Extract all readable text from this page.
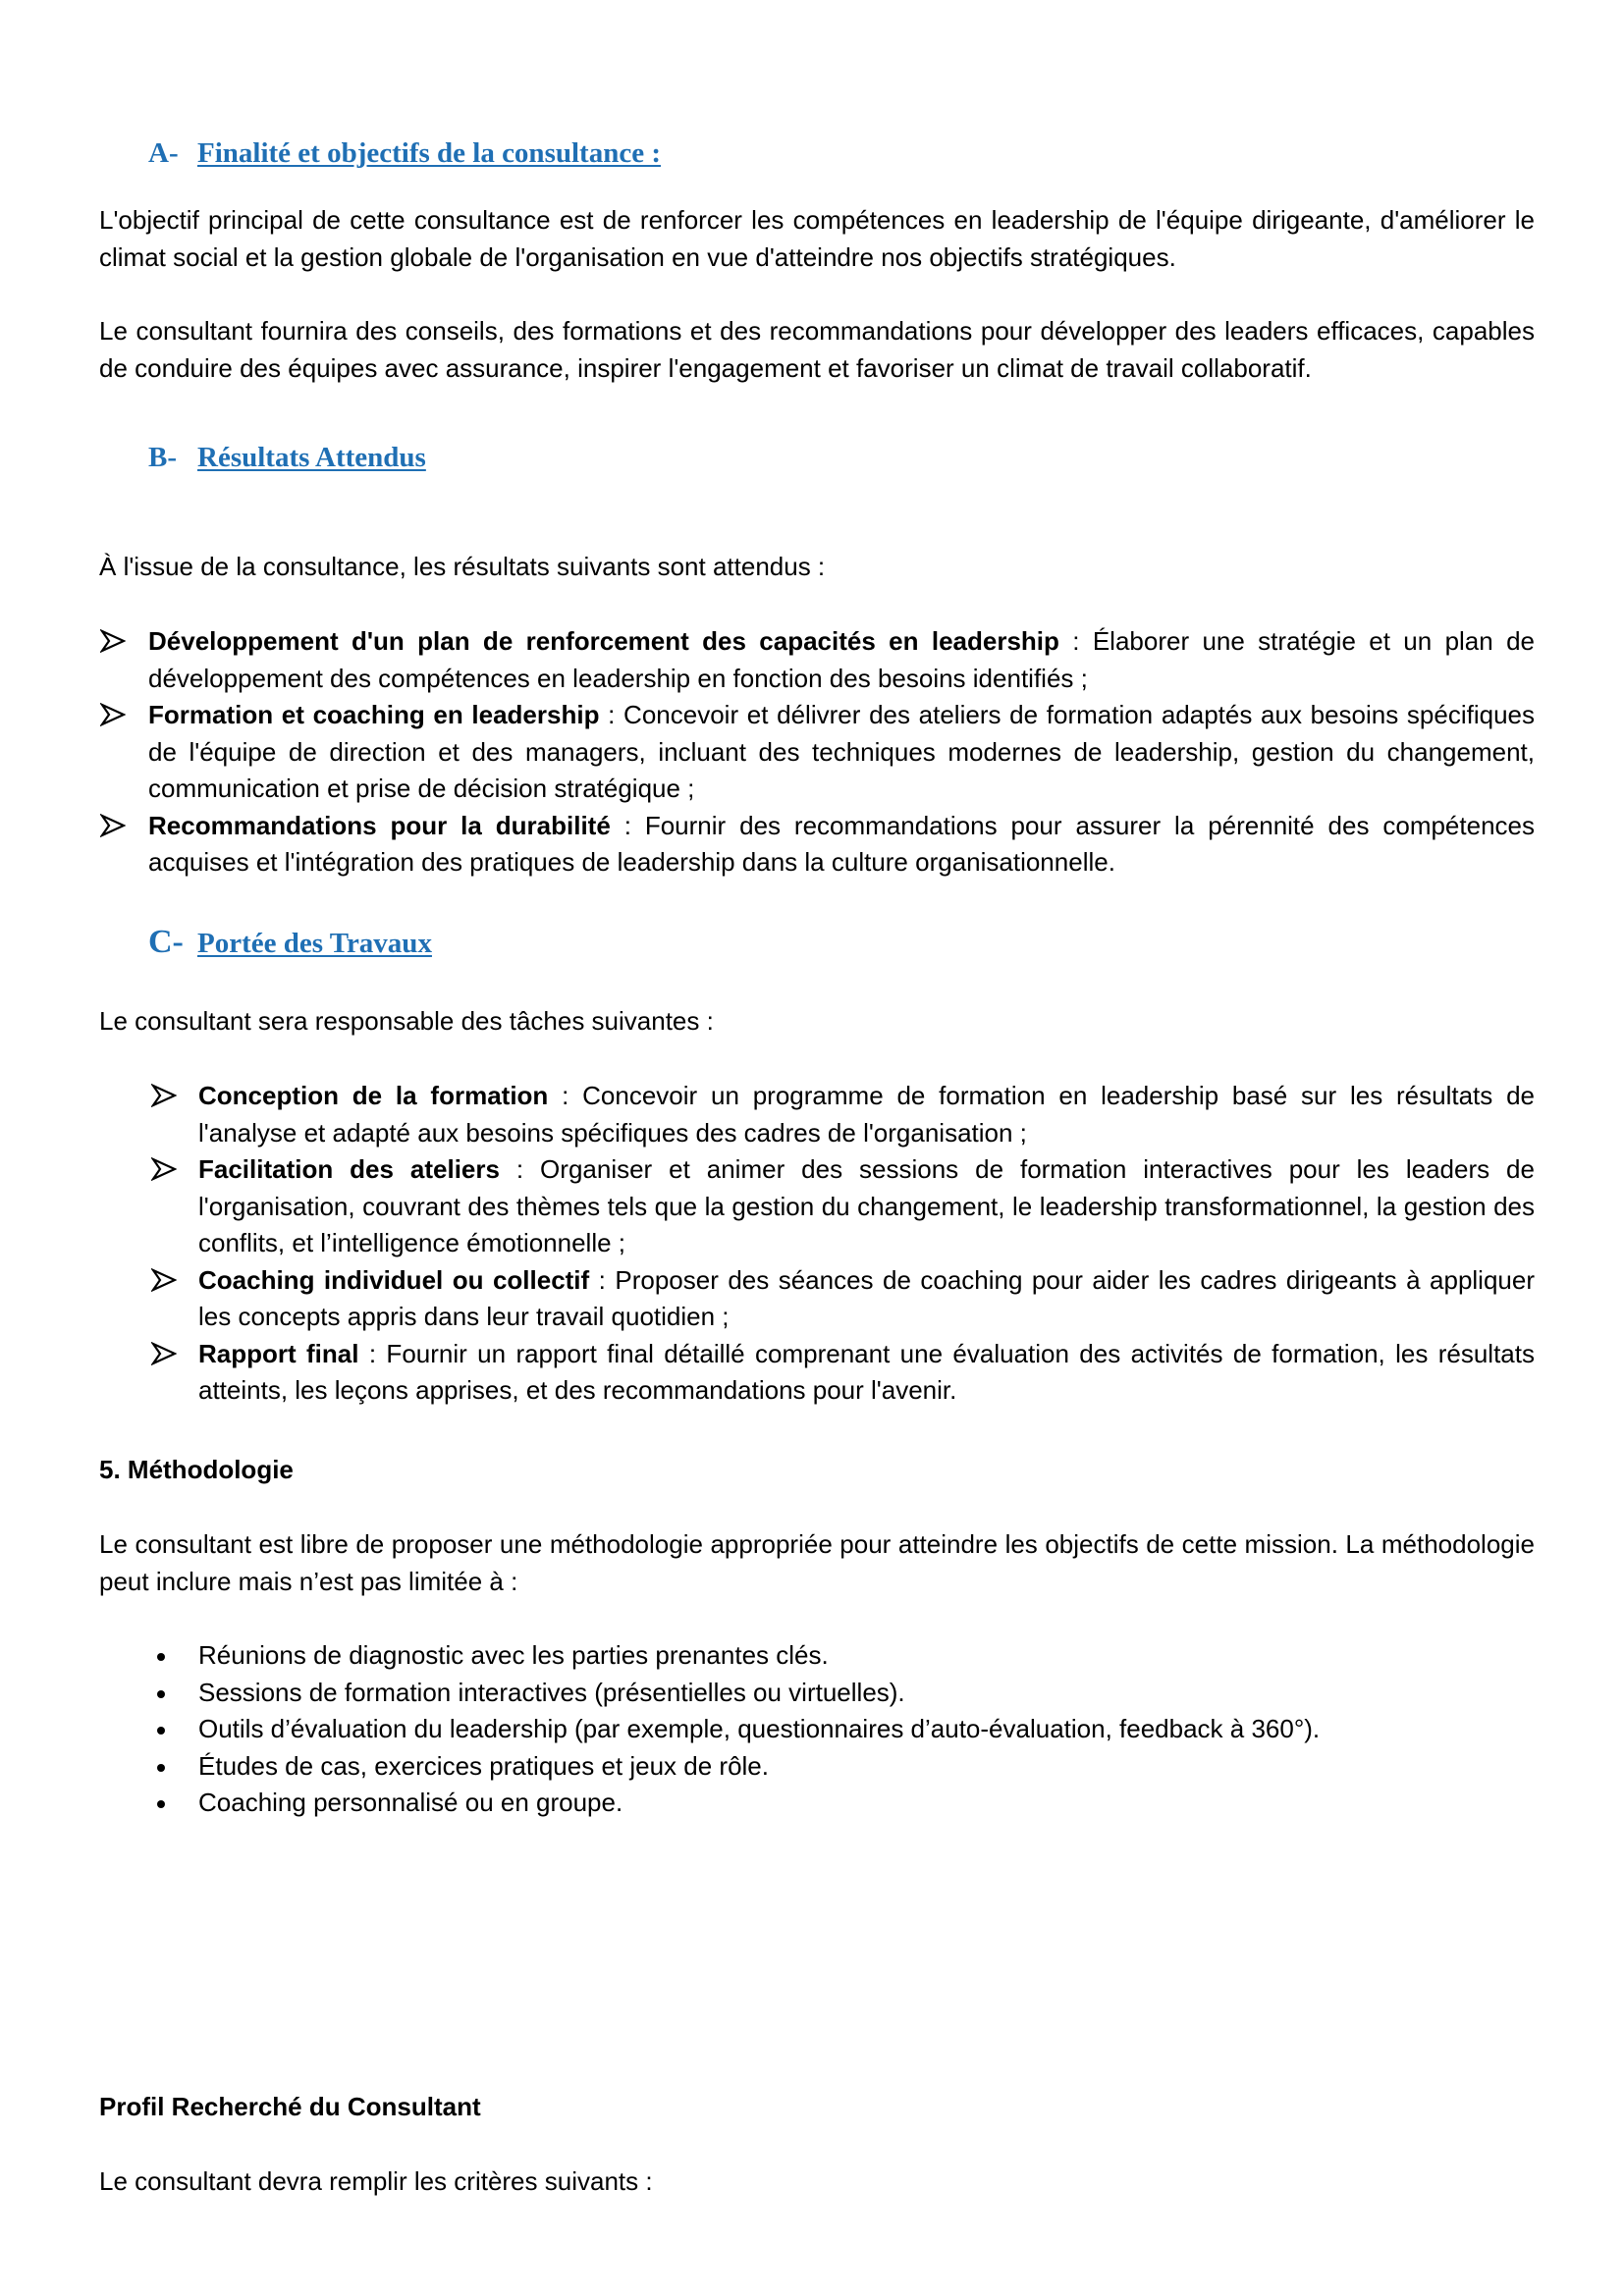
A- Finalité et objectifs de la consultance :

L'objectif principal de cette consultance est de renforcer les compétences en leadership de l'équipe dirigeante, d'améliorer le climat social et la gestion globale de l'organisation en vue d'atteindre nos objectifs stratégiques.

Le consultant fournira des conseils, des formations et des recommandations pour développer des leaders efficaces, capables de conduire des équipes avec assurance, inspirer l'engagement et favoriser un climat de travail collaboratif.

B- Résultats Attendus

À l'issue de la consultance, les résultats suivants sont attendus :

Développement d'un plan de renforcement des capacités en leadership : Élaborer une stratégie et un plan de développement des compétences en leadership en fonction des besoins identifiés ;
Formation et coaching en leadership : Concevoir et délivrer des ateliers de formation adaptés aux besoins spécifiques de l'équipe de direction et des managers, incluant des techniques modernes de leadership, gestion du changement, communication et prise de décision stratégique ;
Recommandations pour la durabilité : Fournir des recommandations pour assurer la pérennité des compétences acquises et l'intégration des pratiques de leadership dans la culture organisationnelle.
C- Portée des Travaux

Le consultant sera responsable des tâches suivantes :

Conception de la formation : Concevoir un programme de formation en leadership basé sur les résultats de l'analyse et adapté aux besoins spécifiques des cadres de l'organisation ;
Facilitation des ateliers : Organiser et animer des sessions de formation interactives pour les leaders de l'organisation, couvrant des thèmes tels que la gestion du changement, le leadership transformationnel, la gestion des conflits, et l’intelligence émotionnelle ;
Coaching individuel ou collectif : Proposer des séances de coaching pour aider les cadres dirigeants à appliquer les concepts appris dans leur travail quotidien ;
Rapport final : Fournir un rapport final détaillé comprenant une évaluation des activités de formation, les résultats atteints, les leçons apprises, et des recommandations pour l'avenir.
5. Méthodologie

Le consultant est libre de proposer une méthodologie appropriée pour atteindre les objectifs de cette mission. La méthodologie peut inclure mais n’est pas limitée à :

Réunions de diagnostic avec les parties prenantes clés.
Sessions de formation interactives (présentielles ou virtuelles).
Outils d’évaluation du leadership (par exemple, questionnaires d’auto-évaluation, feedback à 360°).
Études de cas, exercices pratiques et jeux de rôle.
Coaching personnalisé ou en groupe.
Profil Recherché du Consultant
Le consultant devra remplir les critères suivants :
